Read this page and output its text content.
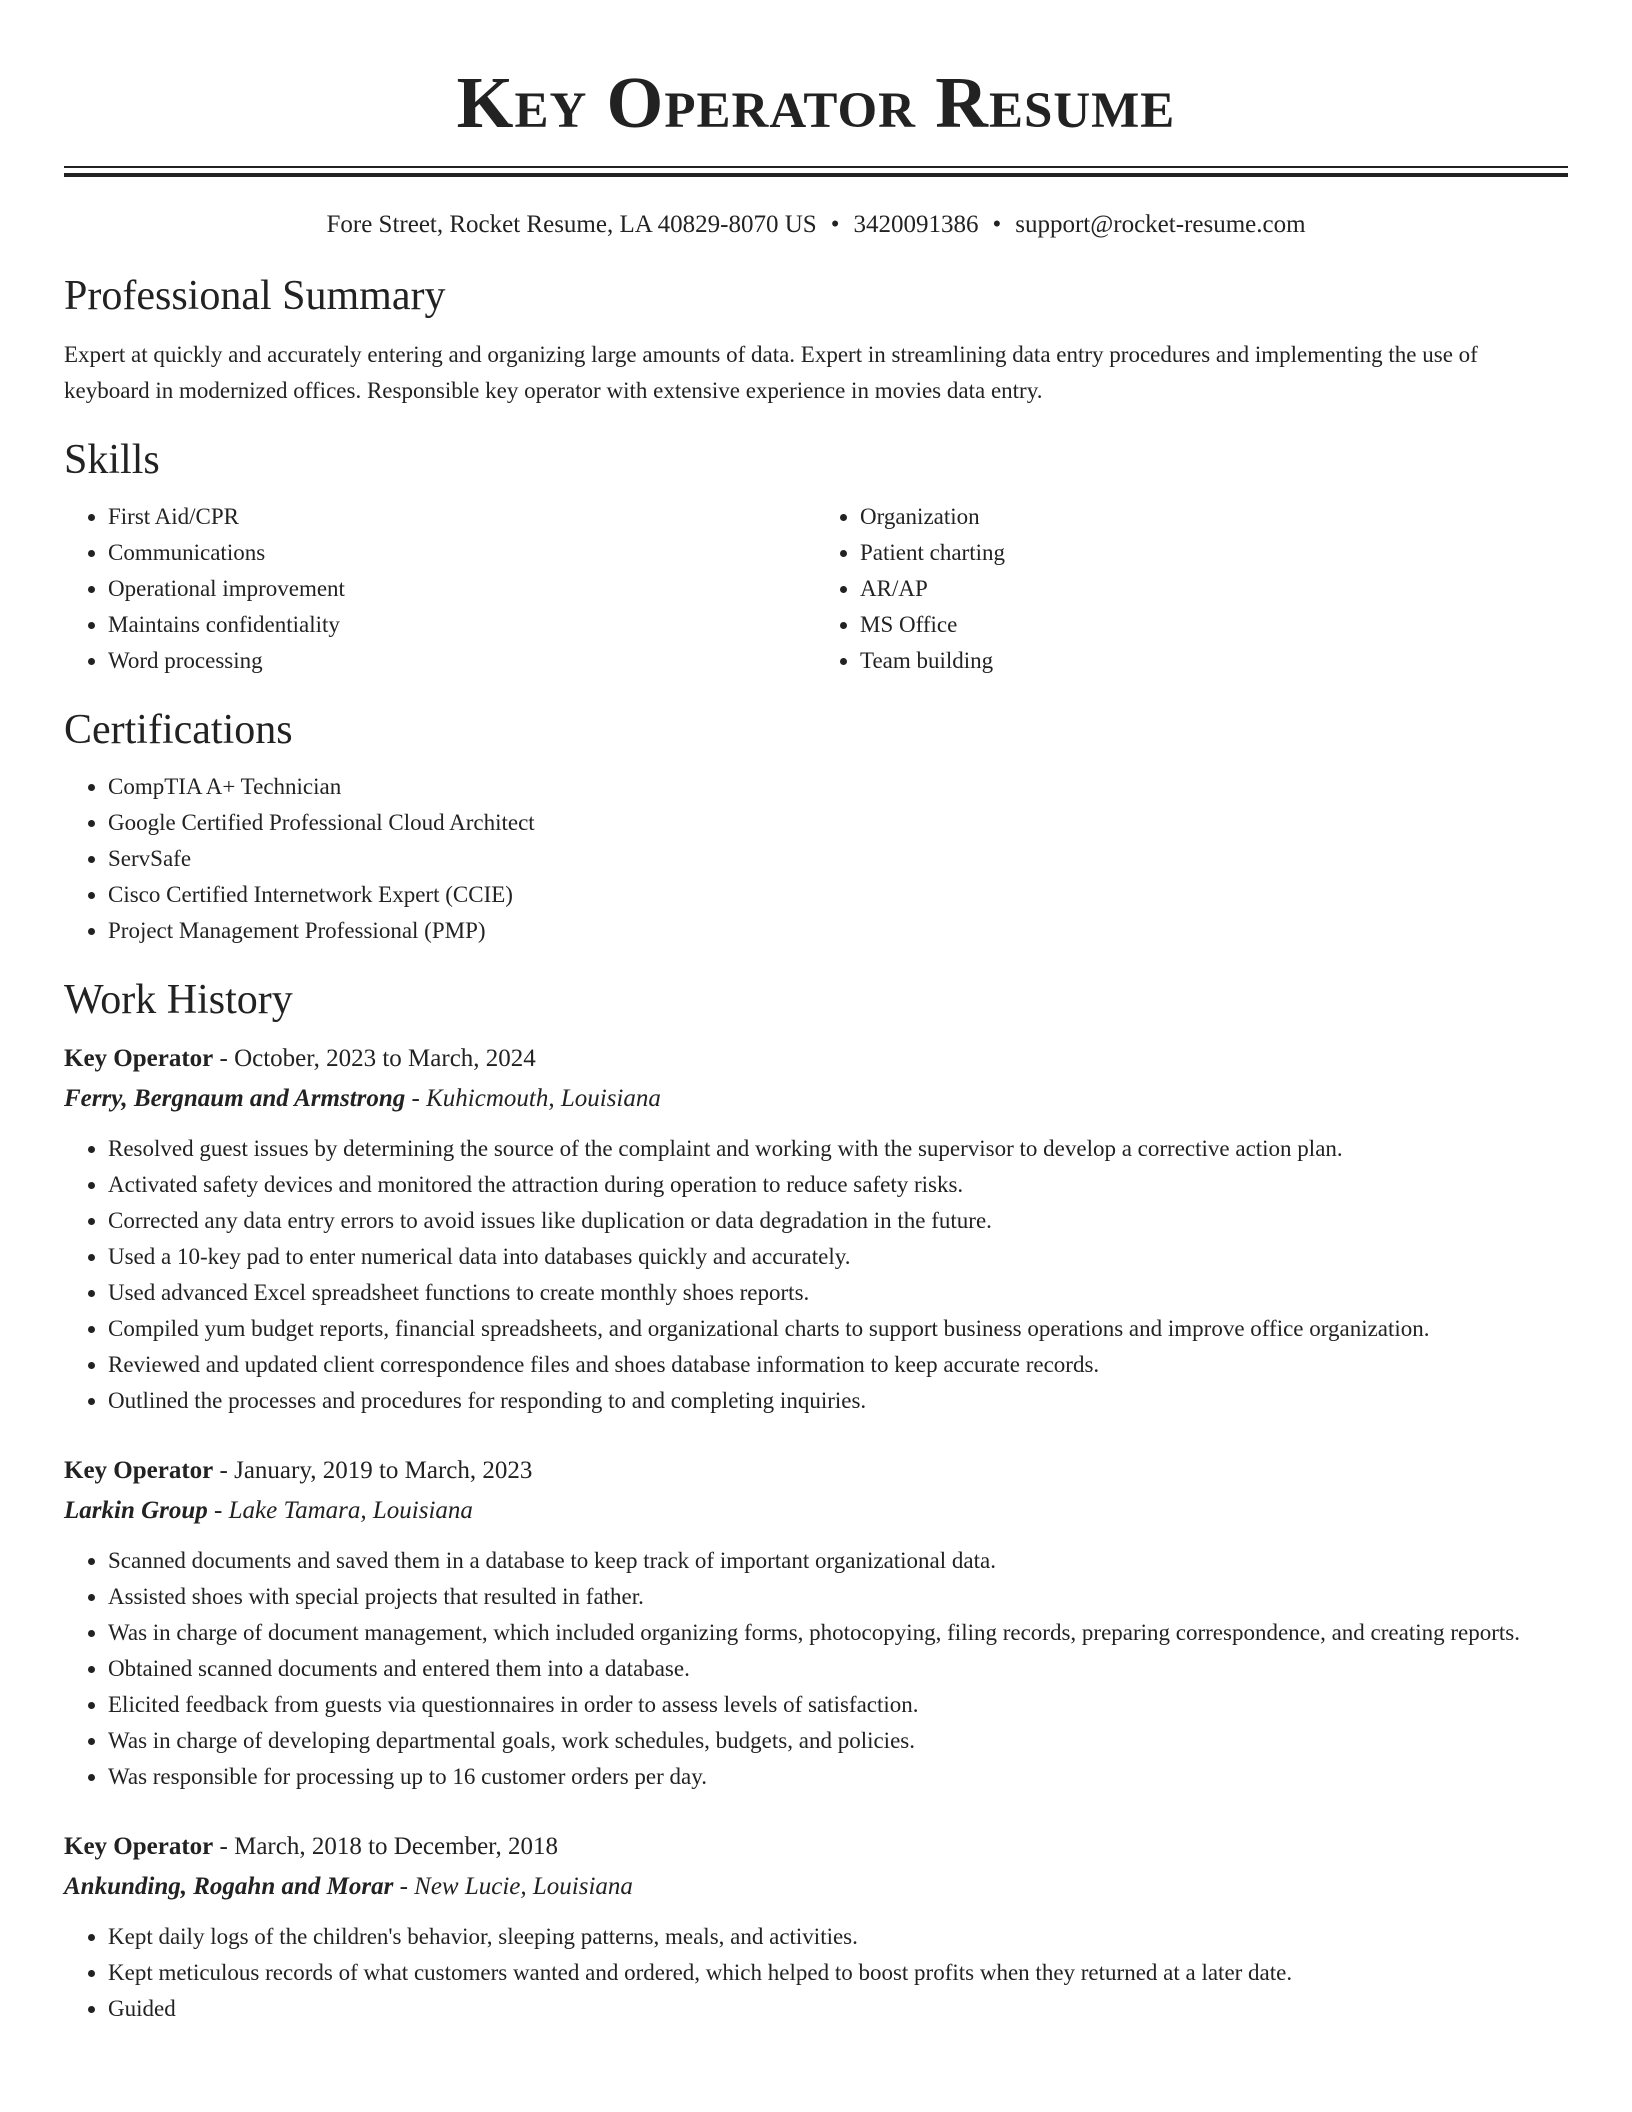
Key Operator Resume
Fore Street, Rocket Resume, LA 40829-8070 US • 3420091386 • support@rocket-resume.com
Professional Summary

Expert at quickly and accurately entering and organizing large amounts of data. Expert in streamlining data entry procedures and implementing the use of keyboard in modernized offices. Responsible key operator with extensive experience in movies data entry.

Skills
• First Aid/CPR
• Communications
• Operational improvement
• Maintains confidentiality
• Word processing
• Organization
• Patient charting
• AR/AP
• MS Office
• Team building
Certifications
• CompTIA A+ Technician
• Google Certified Professional Cloud Architect
• ServSafe
• Cisco Certified Internetwork Expert (CCIE)
• Project Management Professional (PMP)
Work History
Key Operator - October, 2023 to March, 2024
Ferry, Bergnaum and Armstrong - Kuhicmouth, Louisiana
• Resolved guest issues by determining the source of the complaint and working with the supervisor to develop a corrective action plan.
• Activated safety devices and monitored the attraction during operation to reduce safety risks.
• Corrected any data entry errors to avoid issues like duplication or data degradation in the future.
• Used a 10-key pad to enter numerical data into databases quickly and accurately.
• Used advanced Excel spreadsheet functions to create monthly shoes reports.
• Compiled yum budget reports, financial spreadsheets, and organizational charts to support business operations and improve office organization.
• Reviewed and updated client correspondence files and shoes database information to keep accurate records.
• Outlined the processes and procedures for responding to and completing inquiries.
Key Operator - January, 2019 to March, 2023
Larkin Group - Lake Tamara, Louisiana
• Scanned documents and saved them in a database to keep track of important organizational data.
• Assisted shoes with special projects that resulted in father.
• Was in charge of document management, which included organizing forms, photocopying, filing records, preparing correspondence, and creating reports.
• Obtained scanned documents and entered them into a database.
• Elicited feedback from guests via questionnaires in order to assess levels of satisfaction.
• Was in charge of developing departmental goals, work schedules, budgets, and policies.
• Was responsible for processing up to 16 customer orders per day.
Key Operator - March, 2018 to December, 2018
Ankunding, Rogahn and Morar - New Lucie, Louisiana
• Kept daily logs of the children's behavior, sleeping patterns, meals, and activities.
• Kept meticulous records of what customers wanted and ordered, which helped to boost profits when they returned at a later date.
• Guided
